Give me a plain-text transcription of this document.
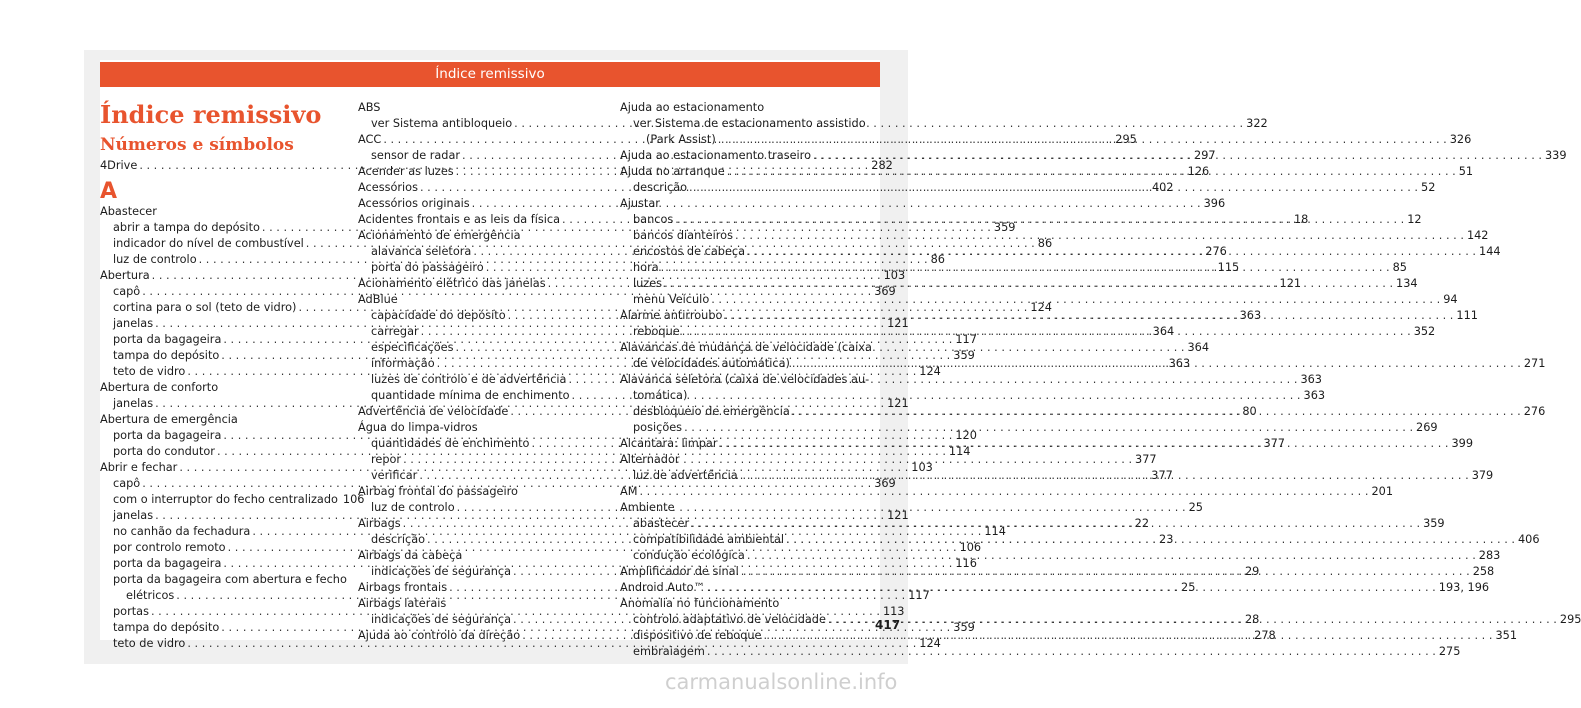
Índice remissivo
Índice remissivo
Números e símbolos
4Drive . . .	282
A
Abastecer
abrir a tampa do depósito . . .	359
indicador do nível de combustível . . .	86
luz de controlo . . .	86
Abertura . . .	103
capô . . .	369
cortina para o sol (teto de vidro) . . .	124
janelas . . .	121
porta da bagageira . . .	117
tampa do depósito . . .	359
teto de vidro . . .	124
Abertura de conforto
janelas . . .	121
Abertura de emergência
porta da bagageira . . .	120
porta do condutor . . .	114
Abrir e fechar . . .	103
capô . . .	369
com o interruptor do fecho centralizado 106
janelas . . .	121
no canhão da fechadura . . .	114
por controlo remoto . . .	106
porta da bagageira . . .	116
porta da bagageira com abertura e fecho
elétricos . . .	117
portas . . .	113
tampa do depósito . . .	359
teto de vidro . . .	124
ABS
ver Sistema antibloqueio . . .	322
ACC . . .	295
sensor de radar . . .	297
Acender as luzes . . .	126
Acessórios . . .	402
Acessórios originais . . .	396
Acidentes frontais e as leis da física . . .	18
Acionamento de emergência
alavanca seletora . . .	276
porta do passageiro . . .	115
Acionamento elétrico das janelas . . .	121
AdBlue
capacidade do depósito . . .	363
carregar . . .	364
especificações . . .	364
informação . . .	363
luzes de controlo e de advertência . . .	363
quantidade mínima de enchimento . . .	363
Advertência de velocidade . . .	80
Água do limpa-vidros
quantidades de enchimento . . .	377
repor . . .	377
verificar . . .	377
Airbag frontal do passageiro
luz de controlo . . .	25
Airbags . . .	22
descrição . . .	23
Airbags da cabeça
indicações de segurança . . .	29
Airbags frontais . . .	25
Airbags laterais
indicações de segurança . . .	28
Ajuda ao controlo da direção . . .	278
Ajuda ao estacionamento
ver Sistema de estacionamento assistido
(Park Assist) . . .	326
Ajuda ao estacionamento traseiro . . .	339
Ajuda no arranque . . .	51
descrição . . .	52
Ajustar
bancos . . .	12
bancos dianteiros . . .	142
encostos de cabeça . . .	144
hora . . .	85
luzes . . .	134
menu Veículo . . .	94
Alarme antirroubo . . .	111
reboque . . .	352
Alavancas de mudança de velocidade (caixa
de velocidades automática) . . .	271
Alavanca seletora (caixa de velocidades au-
tomática)
desbloqueio de emergência . . .	276
posições . . .	269
Alcantara: limpar . . .	399
Alternador
luz de advertência . . .	379
AM . . .	201
Ambiente
abastecer . . .	359
compatibilidade ambiental . . .	406
condução ecológica . . .	283
Amplificador de sinal . . .	258
Android Auto™ . . .	193, 196
Anomalia no funcionamento
controlo adaptativo de velocidade . . .	295
dispositivo de reboque . . .	351
embraiagem . . .	275
417
carmanualsonline.info
